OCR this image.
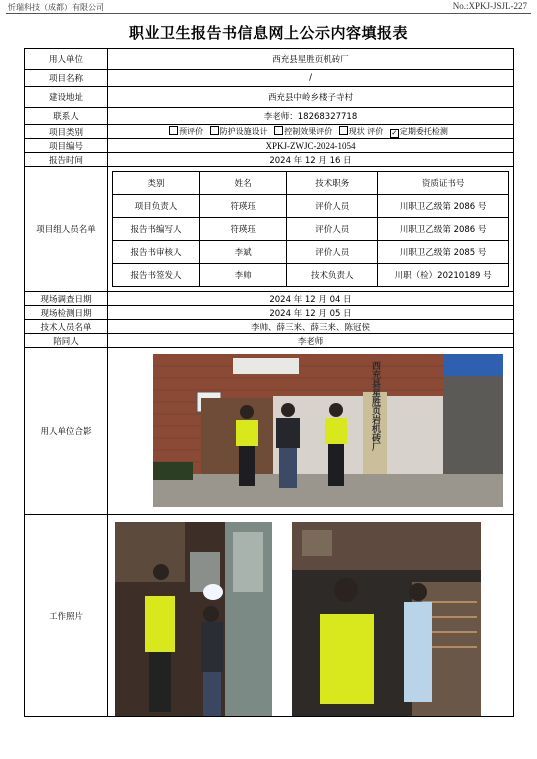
忻瑞科技（成都）有限公司	No.:XPKJ-JSJL-227
职业卫生报告书信息网上公示内容填报表
用人单位	西充县星胜页机砖厂
项目名称	/
建设地址	西充县中岭乡楼子寺村
联系人	李老师：18268327718
项目类别	预评价 防护设施设计 控制效果评价 现状 评价 ✓ 定期委托检测
项目编号	XPKJ-ZWJC-2024-1054
报告时间	2024 年 12 月 16 日
项目组人员名单	
类别	姓名	技术职务	资质证书号
项目负责人	符瑛珏	评价人员	川职卫乙级第 2086 号
报告书编写人	符瑛珏	评价人员	川职卫乙级第 2086 号
报告书审核人	李斌	评价人员	川职卫乙级第 2085 号
报告书签发人	李帅	技术负责人	川职（检）20210189 号

现场调查日期	2024 年 12 月 04 日
现场检测日期	2024 年 12 月 05 日
技术人员名单	李帅、薛三来、薛三来、陈冠侯
陪同人	李老师
用人单位合影	西充县星胜页岩机砖厂

工作照片	
